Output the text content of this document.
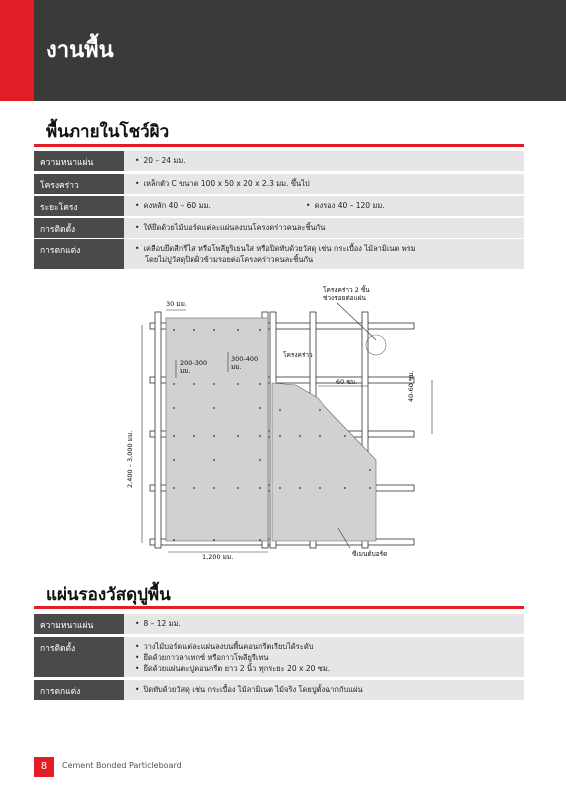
งานพื้น
พื้นภายในโชว์ผิว
ความหนาแผ่น	• 20 – 24 มม.
โครงคร่าว	• เหล็กตัว C ขนาด 100 x 50 x 20 x 2.3 มม. ขึ้นไป
ระยะโครง	• คงหลัก 40 – 60 มม.	• คงรอง 40 – 120 มม.
การติดตั้ง	• ให้ยึดด้วยไม้บอร์ดแต่ละแผ่นลงบนโครงคร่าวคนละชิ้นกัน
การตกแต่ง	• เคลือบยึดสีกรีไส หรือโพลียูริเธนใส หรือปิดทับด้วยวัสดุ เช่น กระเบื้อง ไม้ลามิเนต พรม
โดยไม่ปูวัสดุปิดผิวข้ามรอยต่อโครงคร่าวคนละชิ้นกัน
30 มม.
โครงคร่าว 2 ชิ้น
ช่วงรอยต่อแผ่น
200-300
มม.
300-400
มม.
โครงคร่าว
60 ซม.	40-60 ซม.
2,400 – 3,000 มม.
1,200 มม.	ซีเมนต์บอร์ด
แผ่นรองวัสดุปูพื้น
ความหนาแผ่น	• 8 – 12 มม.
การติดตั้ง	• วางไม้บอร์ดแต่ละแผ่นลงบนพื้นคอนกรีตเรียบได้ระดับ
• ยึดด้วยกาวลาเทกซ์ หรือกาวโพลียูรีเทน
• ยึดด้วยแผ่นตะปูคอนกรีต ยาว 2 นิ้ว ทุกระยะ 20 x 20 ซม.
การตกแต่ง	• ปิดทับด้วยวัสดุ เช่น กระเบื้อง ไม้ลามิเนต ไม้จริง โดยปูตั้งฉากกับแผ่น
8	Cement Bonded Particleboard
